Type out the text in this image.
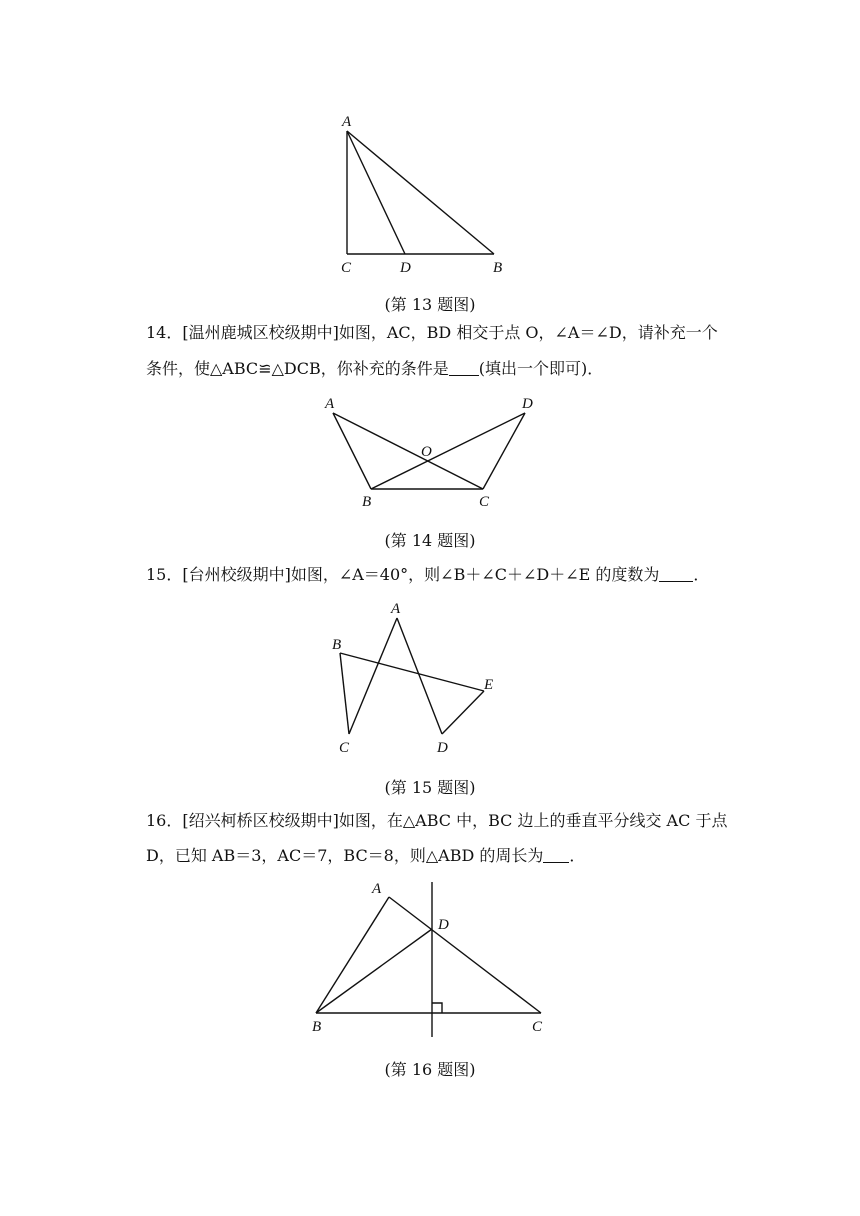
A
C	D	B
A	D
O
B	C
A
B
E
C	D
A
D
B	C
(第 13 题图)
14．[温州鹿城区校级期中]如图，AC，BD 相交于点 O，∠A＝∠D，请补充一个
条件，使△ABC≌△DCB，你补充的条件是 (填出一个即可)．
(第 14 题图)
15．[台州校级期中]如图，∠A＝40°，则∠B＋∠C＋∠D＋∠E 的度数为 ．
(第 15 题图)
16．[绍兴柯桥区校级期中]如图，在△ABC 中，BC 边上的垂直平分线交 AC 于点
D，已知 AB＝3，AC＝7，BC＝8，则△ABD 的周长为 ．
(第 16 题图)
